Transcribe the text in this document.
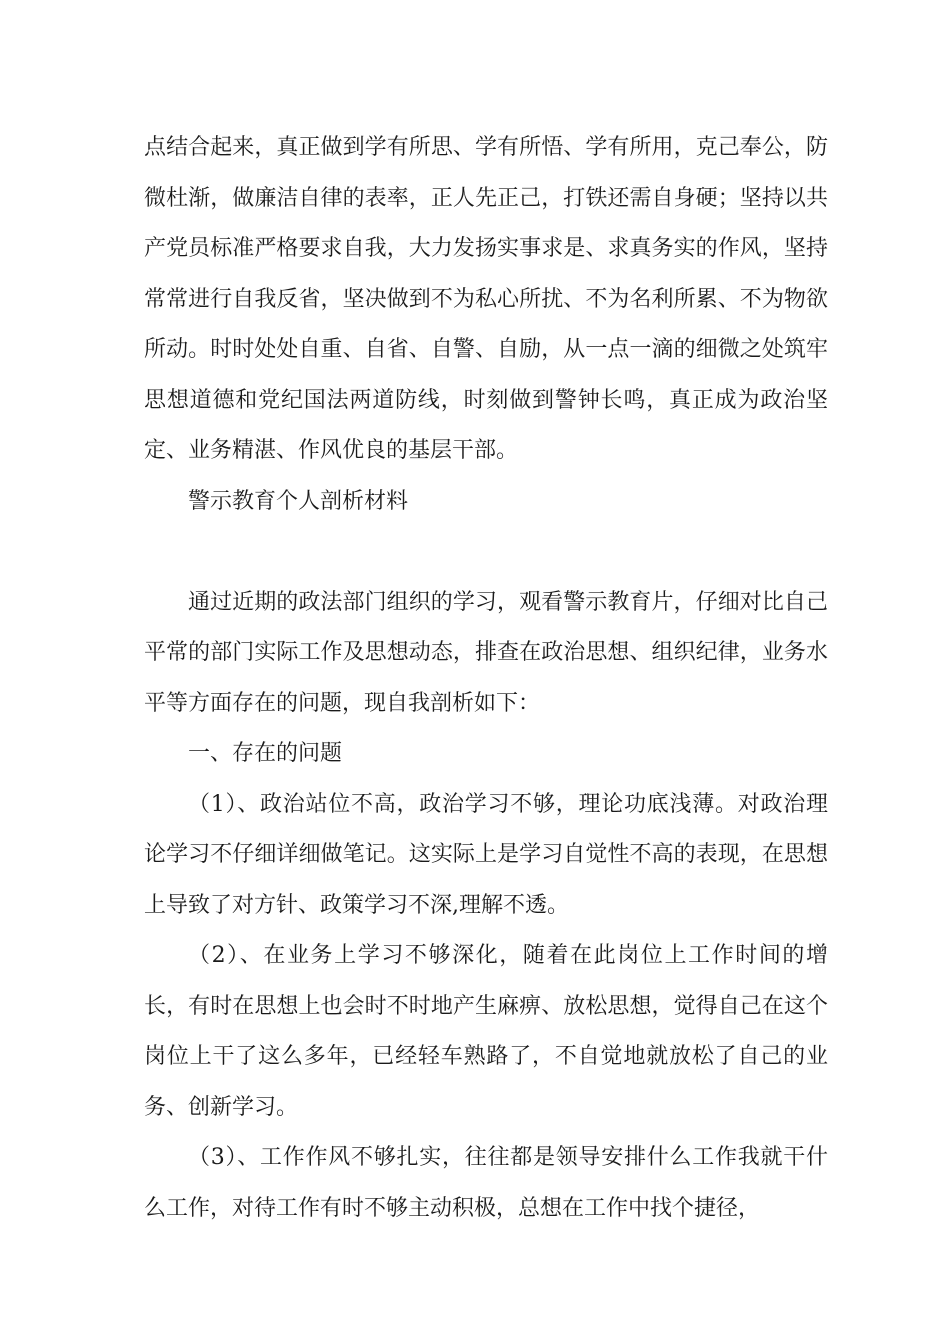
点结合起来，真正做到学有所思、学有所悟、学有所用，克己奉公，防微杜渐，做廉洁自律的表率，正人先正己，打铁还需自身硬；坚持以共产党员标准严格要求自我，大力发扬实事求是、求真务实的作风，坚持常常进行自我反省，坚决做到不为私心所扰、不为名利所累、不为物欲所动。时时处处自重、自省、自警、自励，从一点一滴的细微之处筑牢思想道德和党纪国法两道防线，时刻做到警钟长鸣，真正成为政治坚定、业务精湛、作风优良的基层干部。

警示教育个人剖析材料

通过近期的政法部门组织的学习，观看警示教育片，仔细对比自己平常的部门实际工作及思想动态，排查在政治思想、组织纪律，业务水平等方面存在的问题，现自我剖析如下：

一、存在的问题

（1）、政治站位不高，政治学习不够，理论功底浅薄。对政治理论学习不仔细详细做笔记。这实际上是学习自觉性不高的表现，在思想上导致了对方针、政策学习不深,理解不透。

（2）、在业务上学习不够深化，随着在此岗位上工作时间的增长，有时在思想上也会时不时地产生麻痹、放松思想，觉得自己在这个岗位上干了这么多年，已经轻车熟路了，不自觉地就放松了自己的业务、创新学习。

（3）、工作作风不够扎实，往往都是领导安排什么工作我就干什么工作，对待工作有时不够主动积极，总想在工作中找个捷径，
